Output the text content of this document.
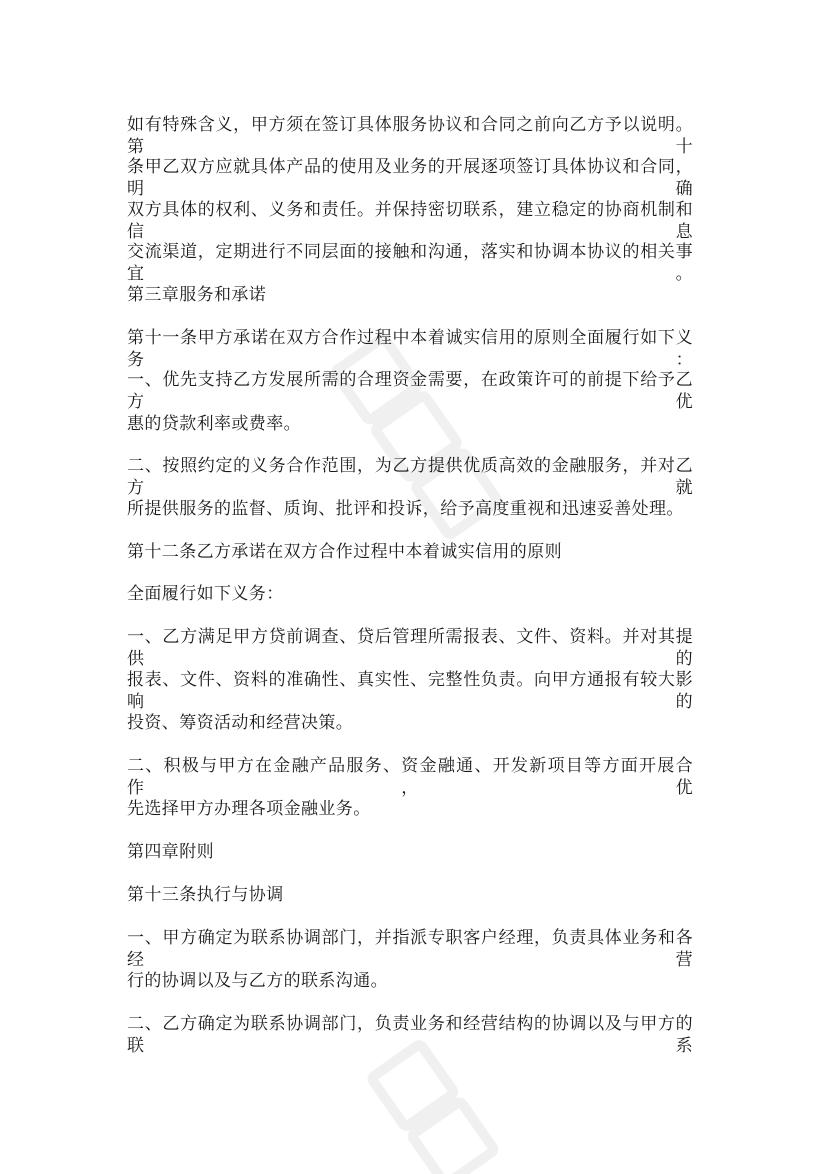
如有特殊含义，甲方须在签订具体服务协议和合同之前向乙方予以说明。第十
条甲乙双方应就具体产品的使用及业务的开展逐项签订具体协议和合同，明确
双方具体的权利、义务和责任。并保持密切联系，建立稳定的协商机制和信息
交流渠道，定期进行不同层面的接触和沟通，落实和协调本协议的相关事宜。
第三章服务和承诺
第十一条甲方承诺在双方合作过程中本着诚实信用的原则全面履行如下义务：
一、优先支持乙方发展所需的合理资金需要，在政策许可的前提下给予乙方优
惠的贷款利率或费率。
二、按照约定的义务合作范围，为乙方提供优质高效的金融服务，并对乙方就
所提供服务的监督、质询、批评和投诉，给予高度重视和迅速妥善处理。
第十二条乙方承诺在双方合作过程中本着诚实信用的原则
全面履行如下义务：
一、乙方满足甲方贷前调查、贷后管理所需报表、文件、资料。并对其提供的
报表、文件、资料的准确性、真实性、完整性负责。向甲方通报有较大影响的
投资、筹资活动和经营决策。
二、积极与甲方在金融产品服务、资金融通、开发新项目等方面开展合作，优
先选择甲方办理各项金融业务。
第四章附则
第十三条执行与协调
一、甲方确定为联系协调部门，并指派专职客户经理，负责具体业务和各经营
行的协调以及与乙方的联系沟通。
二、乙方确定为联系协调部门，负责业务和经营结构的协调以及与甲方的联系
